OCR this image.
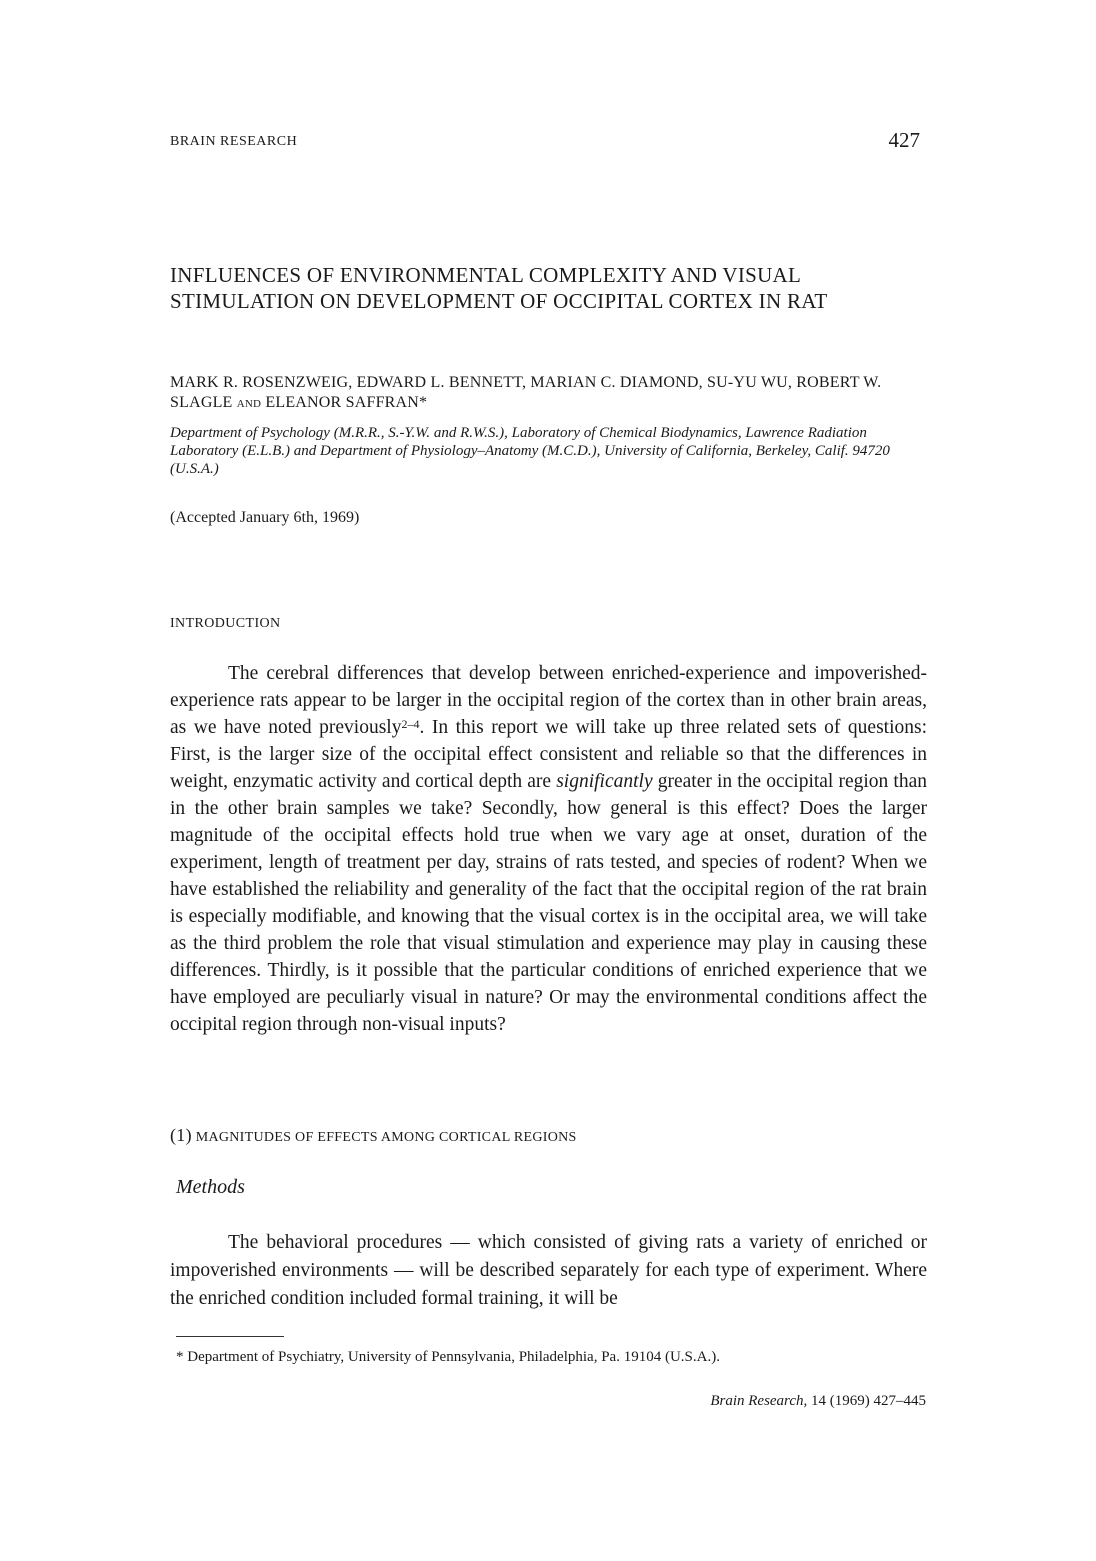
BRAIN RESEARCH	427
INFLUENCES OF ENVIRONMENTAL COMPLEXITY AND VISUAL STIMULATION ON DEVELOPMENT OF OCCIPITAL CORTEX IN RAT
MARK R. ROSENZWEIG, EDWARD L. BENNETT, MARIAN C. DIAMOND, SU-YU WU, ROBERT W. SLAGLE AND ELEANOR SAFFRAN*
Department of Psychology (M.R.R., S.-Y.W. and R.W.S.), Laboratory of Chemical Biodynamics, Lawrence Radiation Laboratory (E.L.B.) and Department of Physiology–Anatomy (M.C.D.), University of California, Berkeley, Calif. 94720 (U.S.A.)
(Accepted January 6th, 1969)
INTRODUCTION

The cerebral differences that develop between enriched-experience and impoverished-experience rats appear to be larger in the occipital region of the cortex than in other brain areas, as we have noted previously$^{2-4}$. In this report we will take up three related sets of questions: First, is the larger size of the occipital effect consistent and reliable so that the differences in weight, enzymatic activity and cortical depth are significantly greater in the occipital region than in the other brain samples we take? Secondly, how general is this effect? Does the larger magnitude of the occipital effects hold true when we vary age at onset, duration of the experiment, length of treatment per day, strains of rats tested, and species of rodent? When we have established the reliability and generality of the fact that the occipital region of the rat brain is especially modifiable, and knowing that the visual cortex is in the occipital area, we will take as the third problem the role that visual stimulation and experience may play in causing these differences. Thirdly, is it possible that the particular conditions of enriched experience that we have employed are peculiarly visual in nature? Or may the environmental conditions affect the occipital region through non-visual inputs?

(1) MAGNITUDES OF EFFECTS AMONG CORTICAL REGIONS
Methods

The behavioral procedures — which consisted of giving rats a variety of enriched or impoverished environments — will be described separately for each type of experiment. Where the enriched condition included formal training, it will be

* Department of Psychiatry, University of Pennsylvania, Philadelphia, Pa. 19104 (U.S.A.).
Brain Research, 14 (1969) 427–445
